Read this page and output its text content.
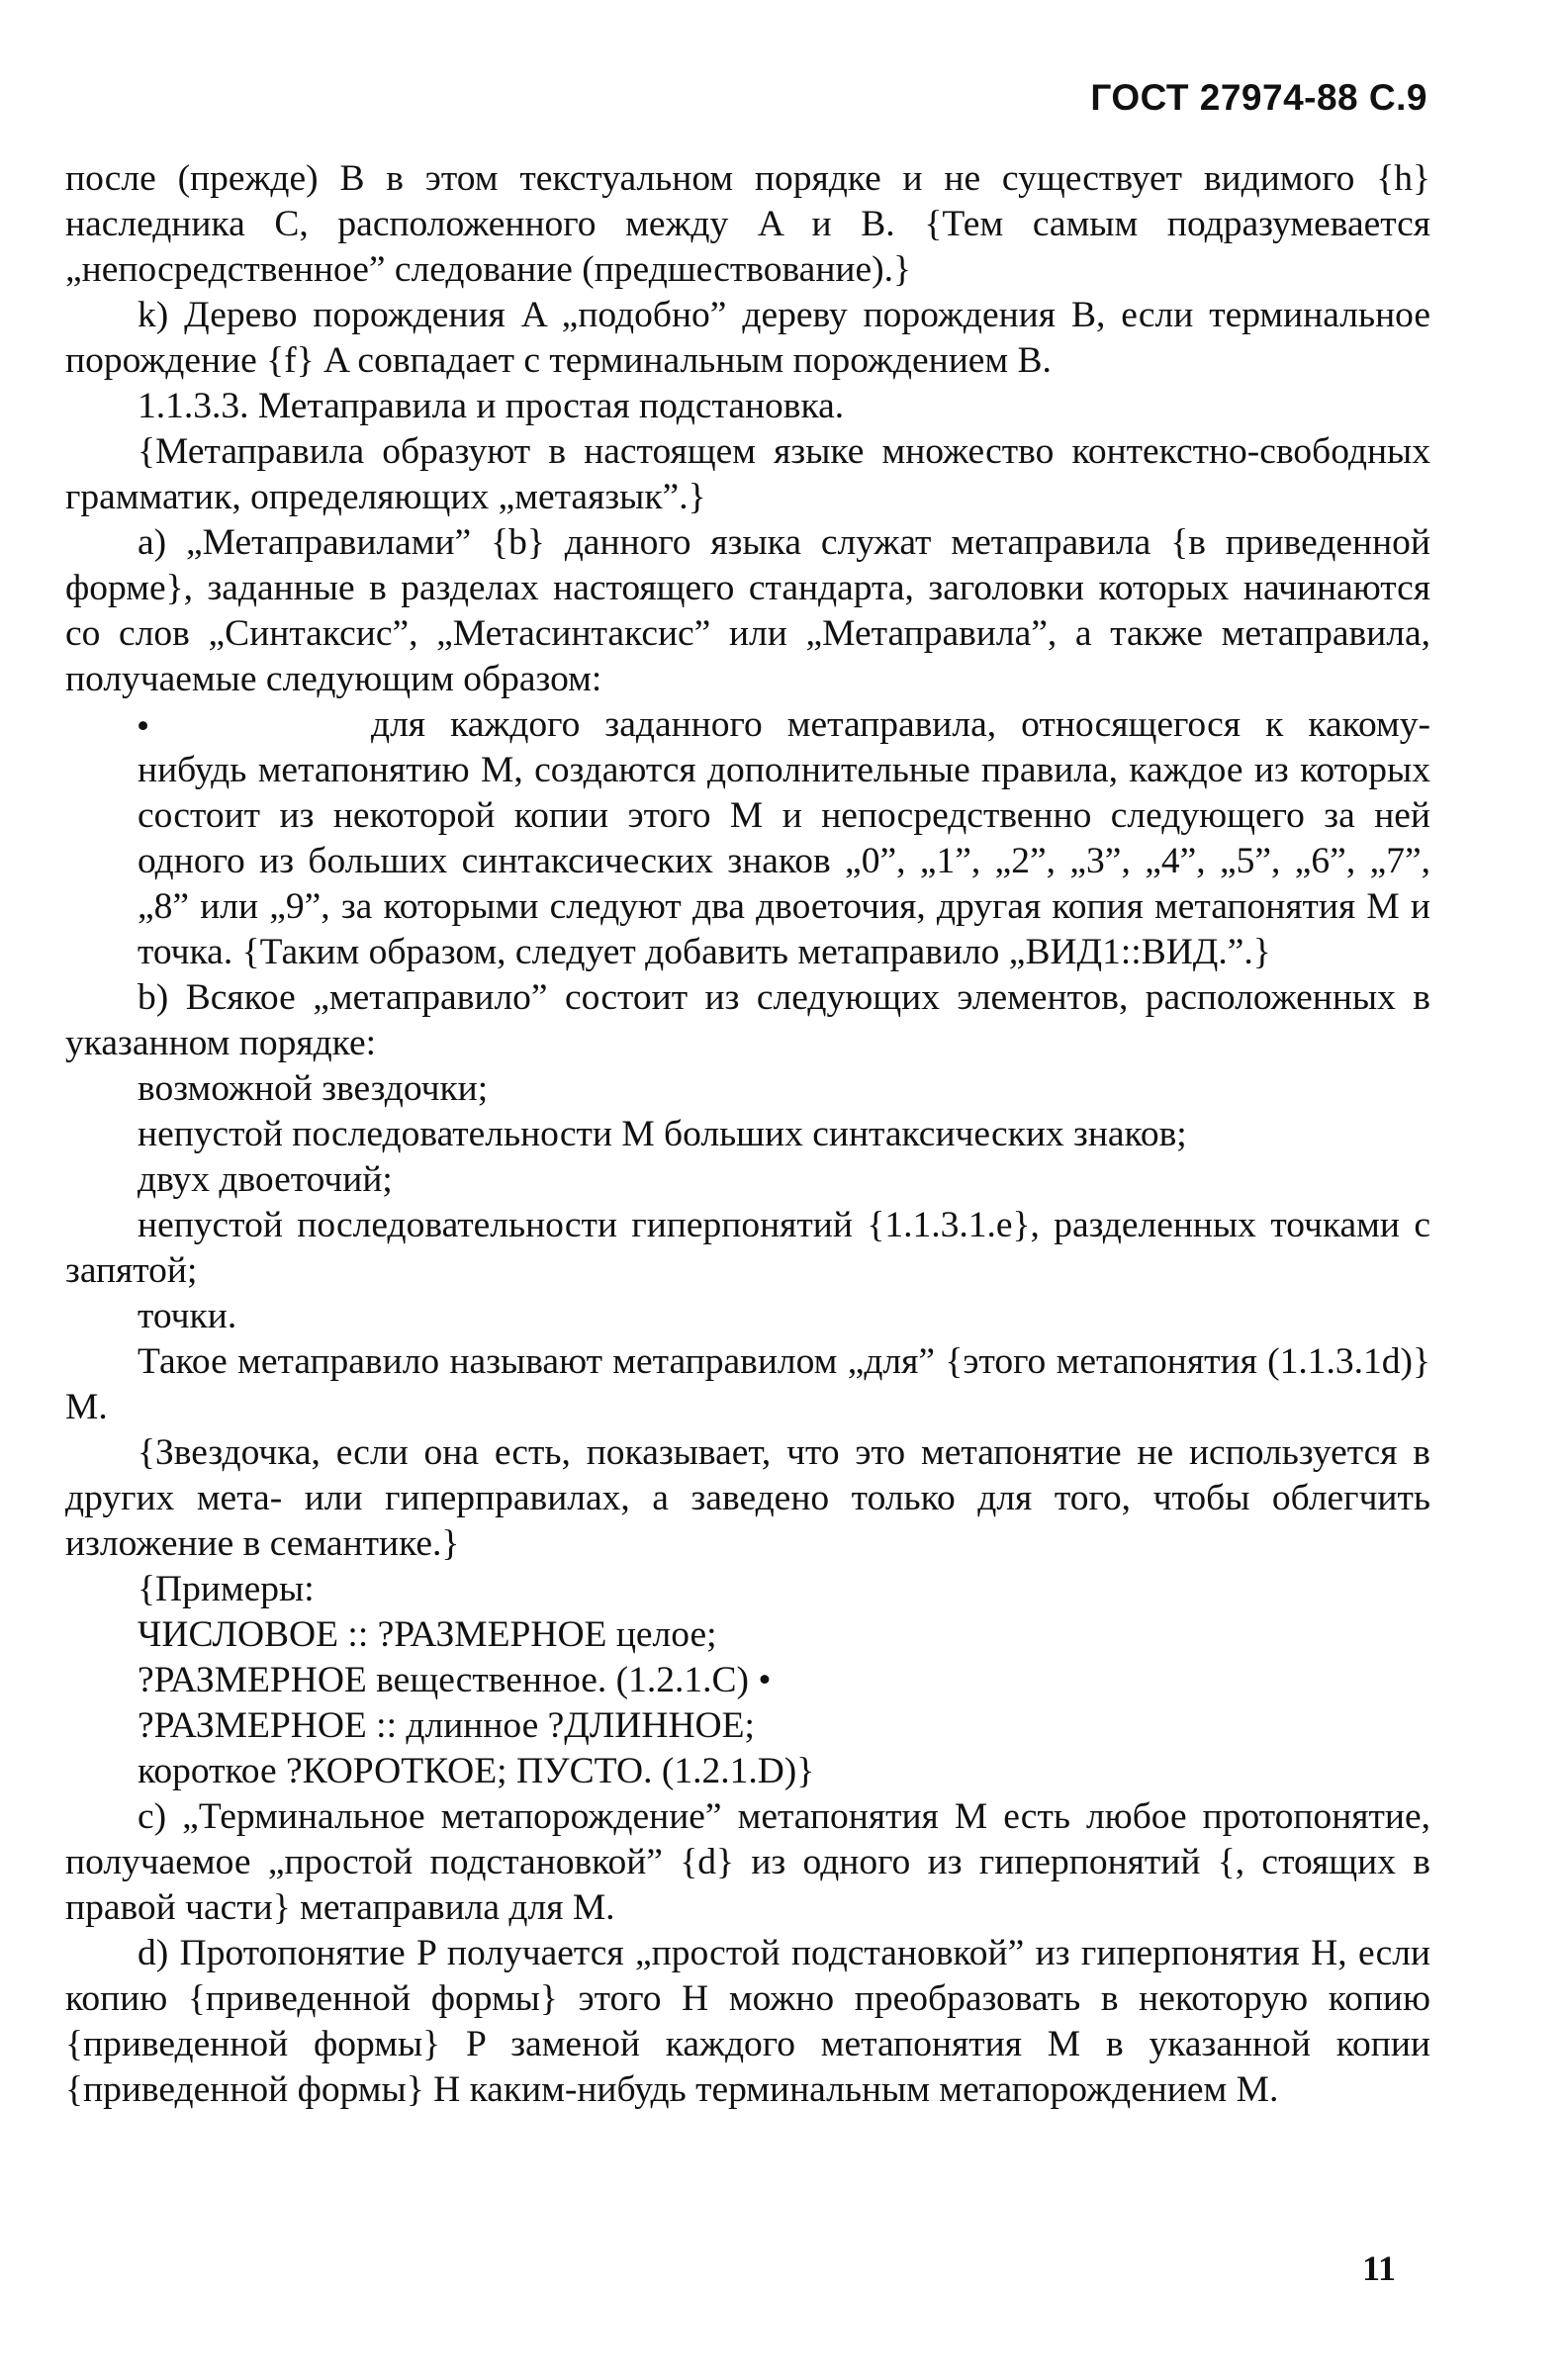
ГОСТ 27974-88 С.9

после (прежде) B в этом текстуальном порядке и не существует видимого {h} наследника C, расположенного между A и B. {Тем самым подразумевается „непосредственное” следование (предшествование).}

k) Дерево порождения A „подобно” дереву порождения B, если терминальное порождение {f} A совпадает с терминальным порождением B.

1.1.3.3. Метаправила и простая подстановка.

{Метаправила образуют в настоящем языке множество контекстно-свободных грамматик, определяющих „метаязык”.}

a) „Метаправилами” {b} данного языка служат метаправила {в приведенной форме}, заданные в разделах настоящего стандарта, заголовки которых начинаются со слов „Синтаксис”, „Метасинтаксис” или „Метаправила”, а также метаправила, получаемые следующим образом:

•	для каждого заданного метаправила, относящегося к какому-нибудь метапонятию M, создаются дополнительные правила, каждое из которых состоит из некоторой копии этого M и непосредственно следующего за ней одного из больших синтаксических знаков „0”, „1”, „2”, „3”, „4”, „5”, „6”, „7”, „8” или „9”, за которыми следуют два двоеточия, другая копия метапонятия M и точка. {Таким образом, следует добавить метаправило „ВИД1::ВИД.”.}

b) Всякое „метаправило” состоит из следующих элементов, расположенных в указанном порядке:

возможной звездочки;

непустой последовательности M больших синтаксических знаков;

двух двоеточий;

непустой последовательности гиперпонятий {1.1.3.1.e}, разделенных точками с запятой;

точки.

Такое метаправило называют метаправилом „для” {этого метапонятия (1.1.3.1d)} M.

{Звездочка, если она есть, показывает, что это метапонятие не используется в других мета- или гиперправилах, а заведено только для того, чтобы облегчить изложение в семантике.}

{Примеры:

ЧИСЛОВОЕ :: ?РАЗМЕРНОЕ целое;

?РАЗМЕРНОЕ вещественное. (1.2.1.C) •

?РАЗМЕРНОЕ :: длинное ?ДЛИННОЕ;

короткое ?КОРОТКОЕ; ПУСТО. (1.2.1.D)}

c) „Терминальное метапорождение” метапонятия M есть любое протопонятие, получаемое „простой подстановкой” {d} из одного из гиперпонятий {, стоящих в правой части} метаправила для M.

d) Протопонятие P получается „простой подстановкой” из гиперпонятия H, если копию {приведенной формы} этого H можно преобразовать в некоторую копию {приведенной формы} P заменой каждого метапонятия M в указанной копии {приведенной формы} H каким-нибудь терминальным метапорождением M.

11
